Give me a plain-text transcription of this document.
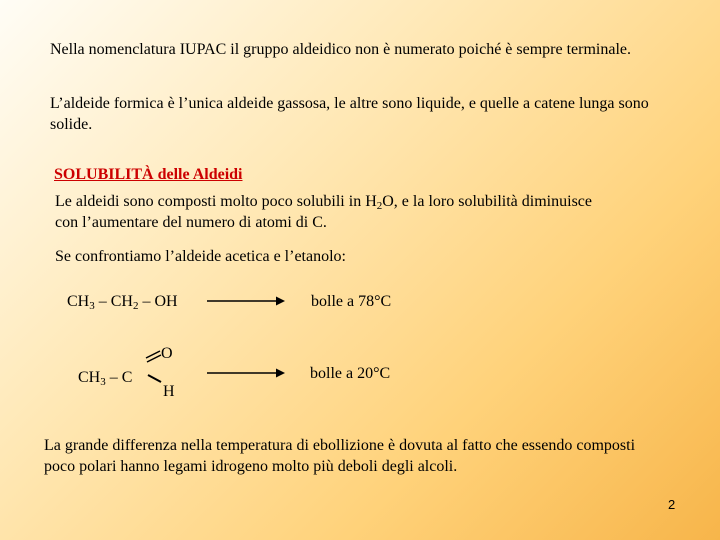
Nella nomenclatura IUPAC il gruppo aldeidico non è numerato poiché è sempre terminale.

L’aldeide formica è l’unica aldeide gassosa, le altre sono liquide, e quelle a catene lunga sono solide.

SOLUBILITÀ delle Aldeidi

Le aldeidi sono composti molto poco solubili in $H_2O$, e la loro solubilità diminuisce con l’aumentare del numero di atomi di C.

Se confrontiamo l’aldeide acetica e l’etanolo:

$CH_3 - CH_2$ – OH	bolle a 78°C

$CH_3$ – C

O

H

bolle a 20°C

La grande differenza nella temperatura di ebollizione è dovuta al fatto che essendo composti poco polari hanno legami idrogeno molto più deboli degli alcoli.

2
